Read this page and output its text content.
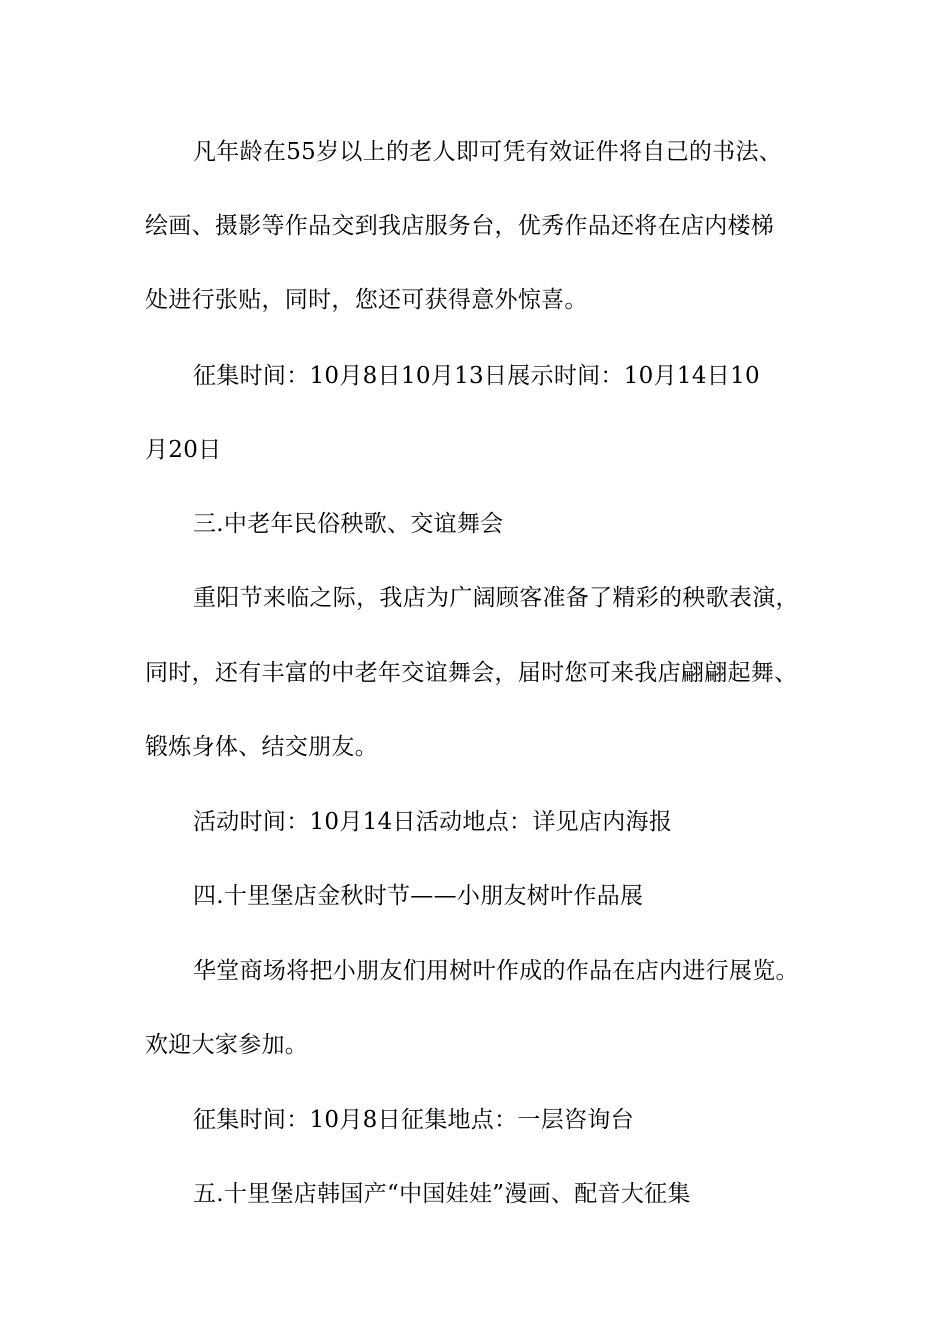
凡年龄在55岁以上的老人即可凭有效证件将自己的书法、
绘画、摄影等作品交到我店服务台，优秀作品还将在店内楼梯
处进行张贴，同时，您还可获得意外惊喜。
征集时间：10月8日10月13日展示时间：10月14日10
月20日
三.中老年民俗秧歌、交谊舞会
重阳节来临之际，我店为广阔顾客准备了精彩的秧歌表演，
同时，还有丰富的中老年交谊舞会，届时您可来我店翩翩起舞、
锻炼身体、结交朋友。
活动时间：10月14日活动地点：详见店内海报
四.十里堡店金秋时节——小朋友树叶作品展
华堂商场将把小朋友们用树叶作成的作品在店内进行展览。
欢迎大家参加。
征集时间：10月8日征集地点：一层咨询台
五.十里堡店韩国产“中国娃娃”漫画、配音大征集
